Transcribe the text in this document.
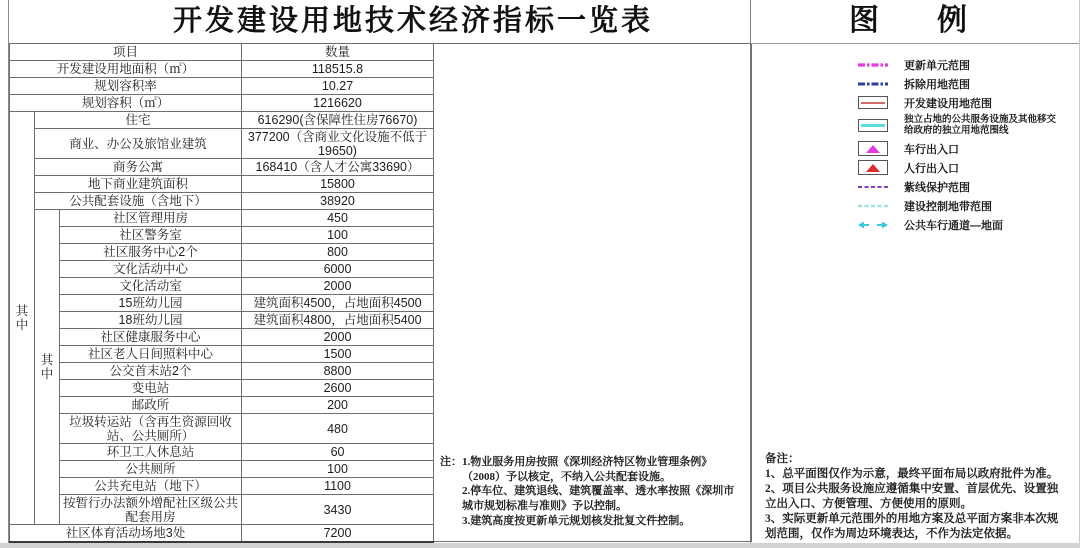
开发建设用地技术经济指标一览表
项目			数量	注： 1.物业服务用房按照《深圳经济特区物业管理条例》（2008）予以核定，不纳入公共配套设施。
2.停车位、建筑退线、建筑覆盖率、透水率按照《深圳市城市规划标准与准则》予以控制。
3.建筑高度按更新单元规划核发批复文件控制。

开发建设用地面积（㎡）			118515.8	
规划容积率			10.27	
规划容积（㎡）			1216620	
其中	住宅		616290(含保障性住房76670)	
	商业、办公及旅馆业建筑		377200（含商业文化设施不低于19650)	
	商务公寓		168410（含人才公寓33690）	
	地下商业建筑面积		15800	
	公共配套设施（含地下）		38920	
	其中	社区管理用房	450	
		社区警务室	100	
		社区服务中心2个	800	
		文化活动中心	6000	
		文化活动室	2000	
		15班幼儿园	建筑面积4500，占地面积4500	
		18班幼儿园	建筑面积4800，占地面积5400	
		社区健康服务中心	2000	
		社区老人日间照料中心	1500	
		公交首末站2个	8800	
		变电站	2600	
		邮政所	200	
		垃圾转运站（含再生资源回收站、公共厕所）	480	
		环卫工人休息站	60	
		公共厕所	100	
		公共充电站（地下）	1100	
		按暂行办法额外增配社区级公共配套用房	3430	
社区体育活动场地3处			7200	
图　例
更新单元范围
拆除用地范围
开发建设用地范围
独立占地的公共服务设施及其他移交给政府的独立用地范围线
车行出入口
人行出入口
紫线保护范围
建设控制地带范围
公共车行通道—地面
备注：
1、总平面图仅作为示意，最终平面布局以政府批件为准。
2、项目公共服务设施应遵循集中安置、首层优先、设置独立出入口、方便管理、方便使用的原则。
3、实际更新单元范围外的用地方案及总平面方案非本次规划范围，仅作为周边环境表达，不作为法定依据。
